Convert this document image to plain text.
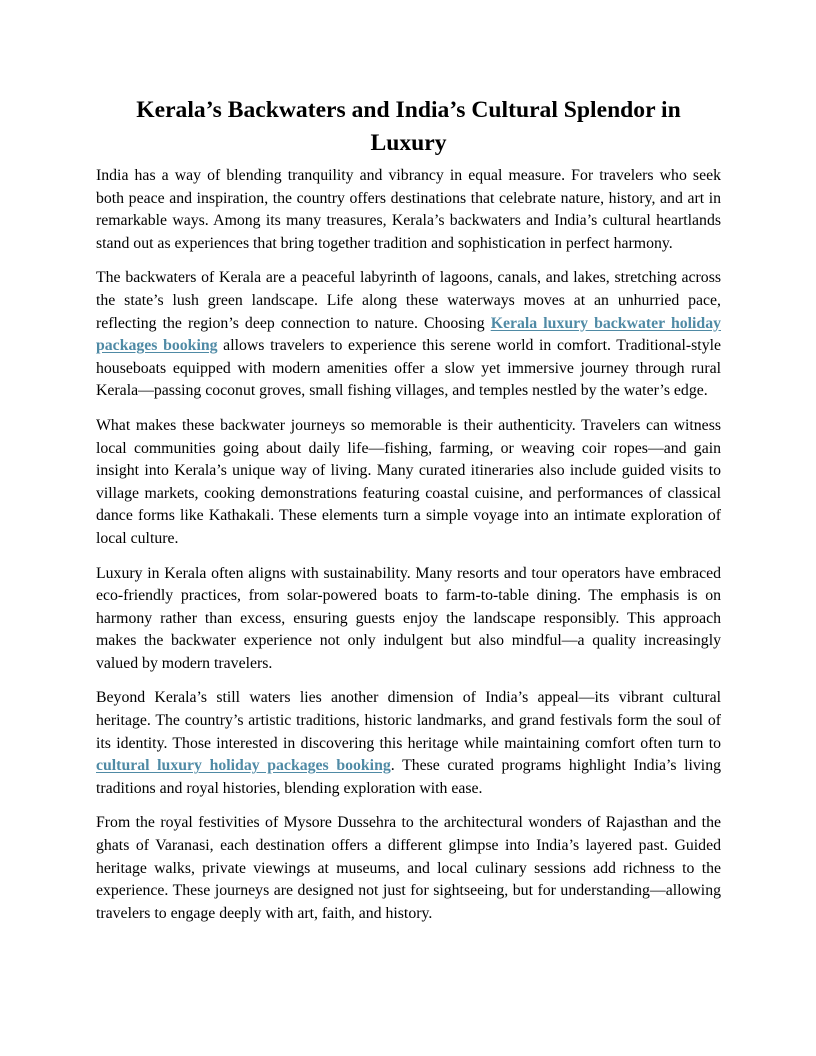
Kerala’s Backwaters and India’s Cultural Splendor in Luxury

India has a way of blending tranquility and vibrancy in equal measure. For travelers who seek both peace and inspiration, the country offers destinations that celebrate nature, history, and art in remarkable ways. Among its many treasures, Kerala’s backwaters and India’s cultural heartlands stand out as experiences that bring together tradition and sophistication in perfect harmony.

The backwaters of Kerala are a peaceful labyrinth of lagoons, canals, and lakes, stretching across the state’s lush green landscape. Life along these waterways moves at an unhurried pace, reflecting the region’s deep connection to nature. Choosing Kerala luxury backwater holiday packages booking allows travelers to experience this serene world in comfort. Traditional-style houseboats equipped with modern amenities offer a slow yet immersive journey through rural Kerala—passing coconut groves, small fishing villages, and temples nestled by the water’s edge.

What makes these backwater journeys so memorable is their authenticity. Travelers can witness local communities going about daily life—fishing, farming, or weaving coir ropes—and gain insight into Kerala’s unique way of living. Many curated itineraries also include guided visits to village markets, cooking demonstrations featuring coastal cuisine, and performances of classical dance forms like Kathakali. These elements turn a simple voyage into an intimate exploration of local culture.

Luxury in Kerala often aligns with sustainability. Many resorts and tour operators have embraced eco-friendly practices, from solar-powered boats to farm-to-table dining. The emphasis is on harmony rather than excess, ensuring guests enjoy the landscape responsibly. This approach makes the backwater experience not only indulgent but also mindful—a quality increasingly valued by modern travelers.

Beyond Kerala’s still waters lies another dimension of India’s appeal—its vibrant cultural heritage. The country’s artistic traditions, historic landmarks, and grand festivals form the soul of its identity. Those interested in discovering this heritage while maintaining comfort often turn to cultural luxury holiday packages booking. These curated programs highlight India’s living traditions and royal histories, blending exploration with ease.

From the royal festivities of Mysore Dussehra to the architectural wonders of Rajasthan and the ghats of Varanasi, each destination offers a different glimpse into India’s layered past. Guided heritage walks, private viewings at museums, and local culinary sessions add richness to the experience. These journeys are designed not just for sightseeing, but for understanding—allowing travelers to engage deeply with art, faith, and history.
